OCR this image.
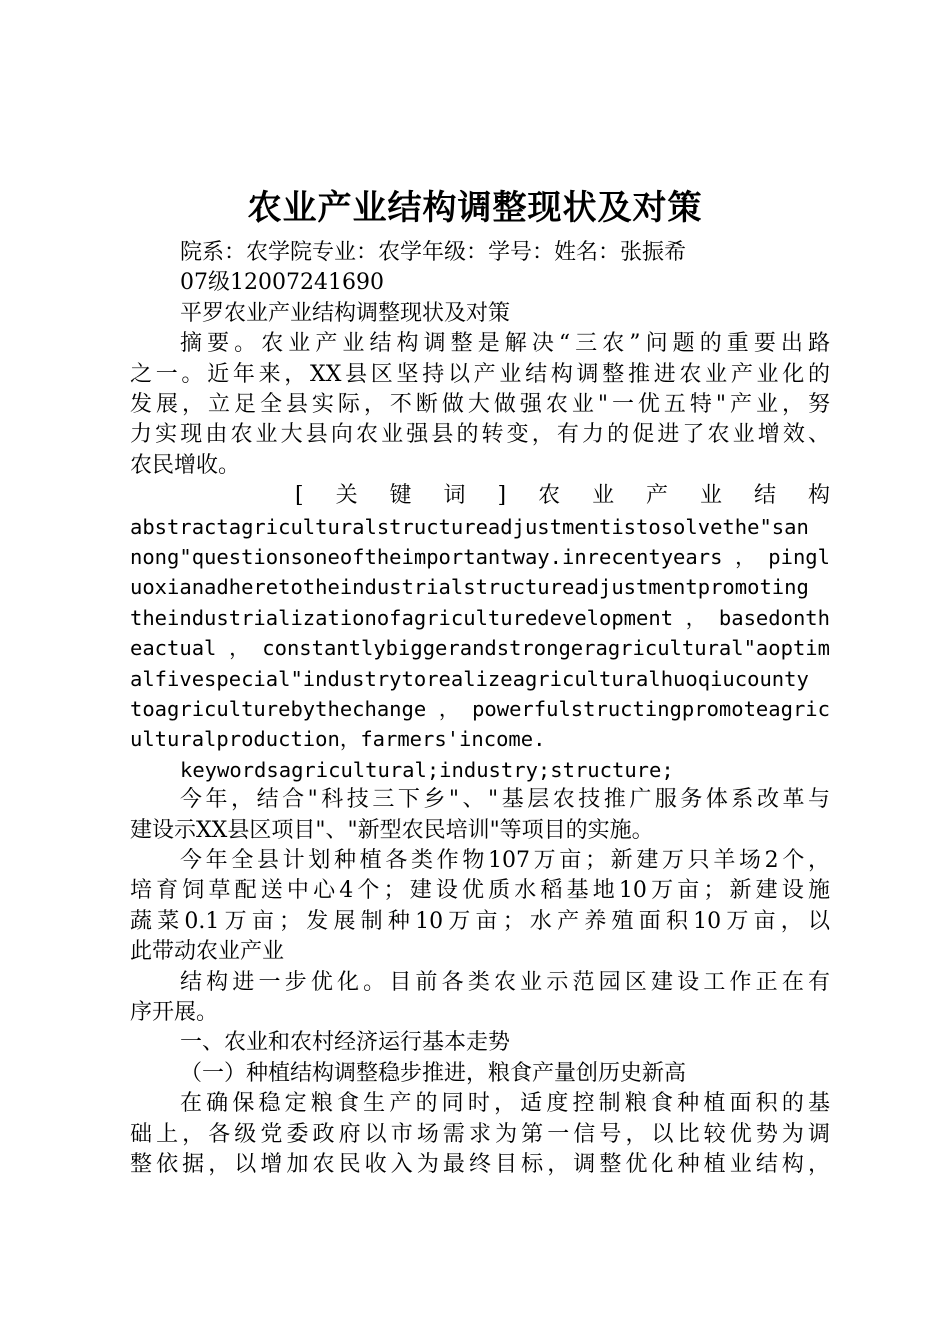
农业产业结构调整现状及对策
院系：农学院专业：农学年级：学号：姓名：张振希
07级12007241690
平罗农业产业结构调整现状及对策
摘要。农业产业结构调整是解决“三农”问题的重要出路
之一。近年来，XX县区坚持以产业结构调整推进农业产业化的
发展，立足全县实际，不断做大做强农业"一优五特"产业，努
力实现由农业大县向农业强县的转变，有力的促进了农业增效、
农民增收。
[关键词]农业产业结构
abstractagriculturalstructureadjustmentistosolvethe"san
nong"questionsoneoftheimportantway.inrecentyears，pingl
uoxianadheretotheindustrialstructureadjustmentpromoting
theindustrializationofagriculturedevelopment，basedonth
eactual，constantlybiggerandstrongeragricultural"aoptim
alfivespecial"industrytorealizeagriculturalhuoqiucounty
toagriculturebythechange，powerfulstructingpromoteagric
ulturalproduction，farmers'income.
keywordsagricultural;industry;structure;
今年，结合"科技三下乡"、"基层农技推广服务体系改革与
建设示XX县区项目"、"新型农民培训"等项目的实施。
今年全县计划种植各类作物107万亩；新建万只羊场2个，
培育饲草配送中心4个；建设优质水稻基地10万亩；新建设施
蔬菜0.1万亩；发展制种10万亩；水产养殖面积10万亩，以
此带动农业产业
结构进一步优化。目前各类农业示范园区建设工作正在有
序开展。
一、农业和农村经济运行基本走势
（一）种植结构调整稳步推进，粮食产量创历史新高
在确保稳定粮食生产的同时，适度控制粮食种植面积的基
础上，各级党委政府以市场需求为第一信号，以比较优势为调
整依据，以增加农民收入为最终目标，调整优化种植业结构，
